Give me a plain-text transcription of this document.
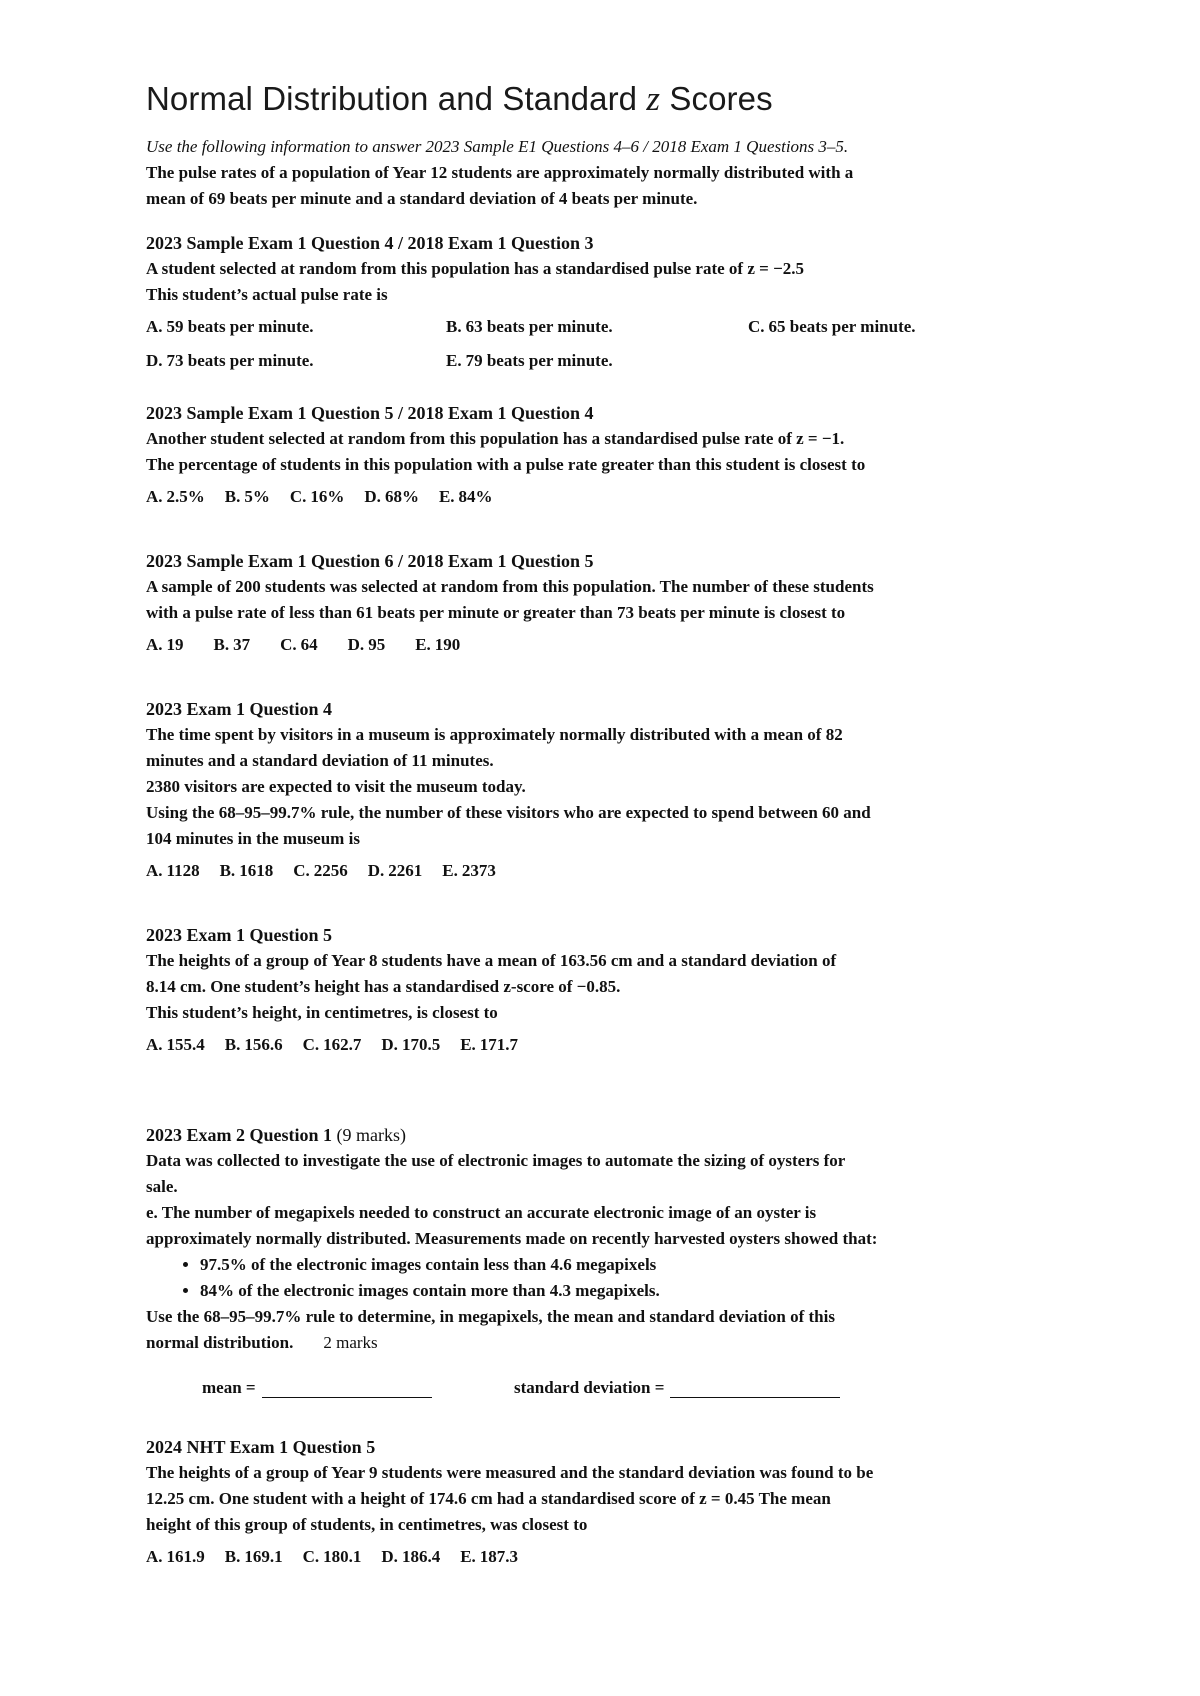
Normal Distribution and Standard z Scores
Use the following information to answer 2023 Sample E1 Questions 4–6 / 2018 Exam 1 Questions 3–5.
The pulse rates of a population of Year 12 students are approximately normally distributed with a
mean of 69 beats per minute and a standard deviation of 4 beats per minute.
2023 Sample Exam 1 Question 4 / 2018 Exam 1 Question 3
A student selected at random from this population has a standardised pulse rate of z = −2.5
This student’s actual pulse rate is
A. 59 beats per minute.	B. 63 beats per minute.	C. 65 beats per minute.
D. 73 beats per minute.	E. 79 beats per minute.
2023 Sample Exam 1 Question 5 / 2018 Exam 1 Question 4
Another student selected at random from this population has a standardised pulse rate of z = −1.
The percentage of students in this population with a pulse rate greater than this student is closest to
A. 2.5% B. 5% C. 16% D. 68% E. 84%
2023 Sample Exam 1 Question 6 / 2018 Exam 1 Question 5
A sample of 200 students was selected at random from this population. The number of these students
with a pulse rate of less than 61 beats per minute or greater than 73 beats per minute is closest to
A. 19 B. 37 C. 64 D. 95 E. 190
2023 Exam 1 Question 4
The time spent by visitors in a museum is approximately normally distributed with a mean of 82
minutes and a standard deviation of 11 minutes.
2380 visitors are expected to visit the museum today.
Using the 68–95–99.7% rule, the number of these visitors who are expected to spend between 60 and
104 minutes in the museum is
A. 1128 B. 1618 C. 2256 D. 2261 E. 2373
2023 Exam 1 Question 5
The heights of a group of Year 8 students have a mean of 163.56 cm and a standard deviation of
8.14 cm. One student’s height has a standardised z-score of −0.85.
This student’s height, in centimetres, is closest to
A. 155.4 B. 156.6 C. 162.7 D. 170.5 E. 171.7
2023 Exam 2 Question 1 (9 marks)
Data was collected to investigate the use of electronic images to automate the sizing of oysters for
sale.
e. The number of megapixels needed to construct an accurate electronic image of an oyster is
approximately normally distributed. Measurements made on recently harvested oysters showed that:
• 97.5% of the electronic images contain less than 4.6 megapixels
• 84% of the electronic images contain more than 4.3 megapixels.
Use the 68–95–99.7% rule to determine, in megapixels, the mean and standard deviation of this
normal distribution. 2 marks
mean =	standard deviation =
2024 NHT Exam 1 Question 5
The heights of a group of Year 9 students were measured and the standard deviation was found to be
12.25 cm. One student with a height of 174.6 cm had a standardised score of z = 0.45 The mean
height of this group of students, in centimetres, was closest to
A. 161.9 B. 169.1 C. 180.1 D. 186.4 E. 187.3
